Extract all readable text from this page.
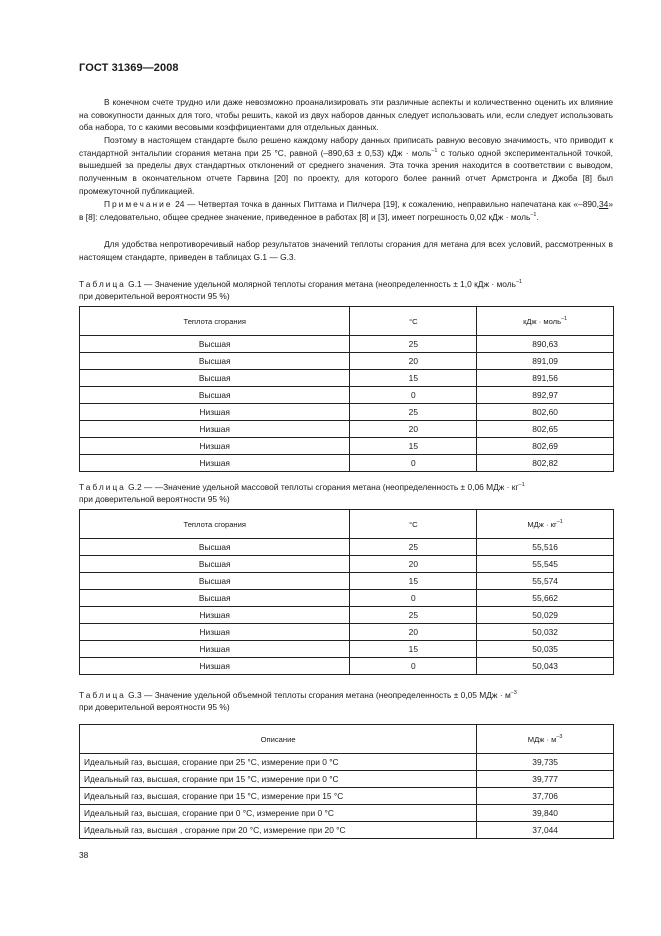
ГОСТ 31369—2008

В конечном счете трудно или даже невозможно проанализировать эти различные аспекты и количественно оценить их влияние на совокупности данных для того, чтобы решить, какой из двух наборов данных следует использовать или, если следует использовать оба набора, то с какими весовыми коэффициентами для отдельных данных.

Поэтому в настоящем стандарте было решено каждому набору данных приписать равную весовую значимость, что приводит к стандартной энтальпии сгорания метана при 25 °С, равной (–890,63 ± 0,53) кДж · моль$^{-1}$ с только одной экспериментальной точкой, вышедшей за пределы двух стандартных отклонений от среднего значения. Эта точка зрения находится в соответствии с выводом, полученным в окончательном отчете Гарвина [20] по проекту, для которого более ранний отчет Армстронга и Джоба [8] был промежуточной публикацией.

Примечание 24 — Четвертая точка в данных Питтама и Пилчера [19], к сожалению, неправильно напечатана как «–890,34» в [8]: следовательно, общее среднее значение, приведенное в работах [8] и [3], имеет погрешность 0,02 кДж · моль$^{-1}$.

Для удобства непротиворечивый набор результатов значений теплоты сгорания для метана для всех условий, рассмотренных в настоящем стандарте, приведен в таблицах G.1 — G.3.

Таблица G.1 — Значение удельной молярной теплоты сгорания метана (неопределенность ± 1,0 кДж · моль$^{-1}$
при доверительной вероятности 95 %)

Теплота сгорания	°С	кДж · моль$^{-1}$
Высшая	25	890,63
Высшая	20	891,09
Высшая	15	891,56
Высшая	0	892,97
Низшая	25	802,60
Низшая	20	802,65
Низшая	15	802,69
Низшая	0	802,82

Таблица G.2 — —Значение удельной массовой теплоты сгорания метана (неопределенность ± 0,06 МДж · $кг^{-1}$
при доверительной вероятности 95 %)

Теплота сгорания	°С	МДж · $кг^{-1}$
Высшая	25	55,516
Высшая	20	55,545
Высшая	15	55,574
Высшая	0	55,662
Низшая	25	50,029
Низшая	20	50,032
Низшая	15	50,035
Низшая	0	50,043

Таблица G.3 — Значение удельной объемной теплоты сгорания метана (неопределенность ± 0,05 МДж · $м^{-3}$
при доверительной вероятности 95 %)

Описание	МДж · $м^{-3}$
Идеальный газ, высшая, сгорание при 25 °С, измерение при 0 °С	39,735
Идеальный газ, высшая, сгорание при 15 °С, измерение при 0 °С	39,777
Идеальный газ, высшая, сгорание при 15 °С, измерение при 15 °С	37,706
Идеальный газ, высшая, сгорание при 0 °С, измерение при 0 °С	39,840
Идеальный газ, высшая , сгорание при 20 °С, измерение при 20 °С	37,044
38
